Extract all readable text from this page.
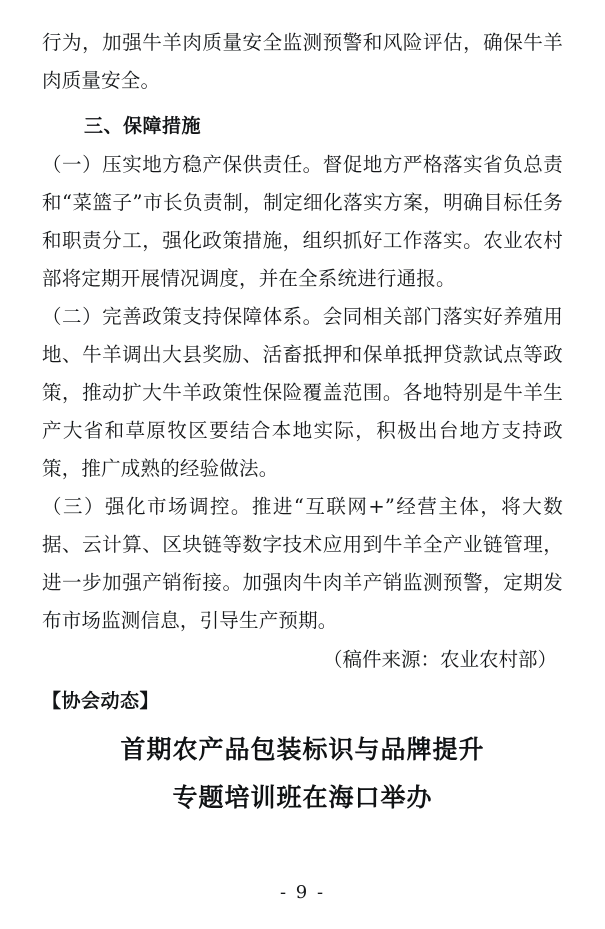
行为，加强牛羊肉质量安全监测预警和风险评估，确保牛羊肉质量安全。

三、保障措施

（一）压实地方稳产保供责任。督促地方严格落实省负总责和“菜篮子”市长负责制，制定细化落实方案，明确目标任务和职责分工，强化政策措施，组织抓好工作落实。农业农村部将定期开展情况调度，并在全系统进行通报。

（二）完善政策支持保障体系。会同相关部门落实好养殖用地、牛羊调出大县奖励、活畜抵押和保单抵押贷款试点等政策，推动扩大牛羊政策性保险覆盖范围。各地特别是牛羊生产大省和草原牧区要结合本地实际，积极出台地方支持政策，推广成熟的经验做法。

（三）强化市场调控。推进“互联网+”经营主体，将大数据、云计算、区块链等数字技术应用到牛羊全产业链管理，进一步加强产销衔接。加强肉牛肉羊产销监测预警，定期发布市场监测信息，引导生产预期。

（稿件来源：农业农村部）

【协会动态】
首期农产品包装标识与品牌提升
专题培训班在海口举办
- 9 -
